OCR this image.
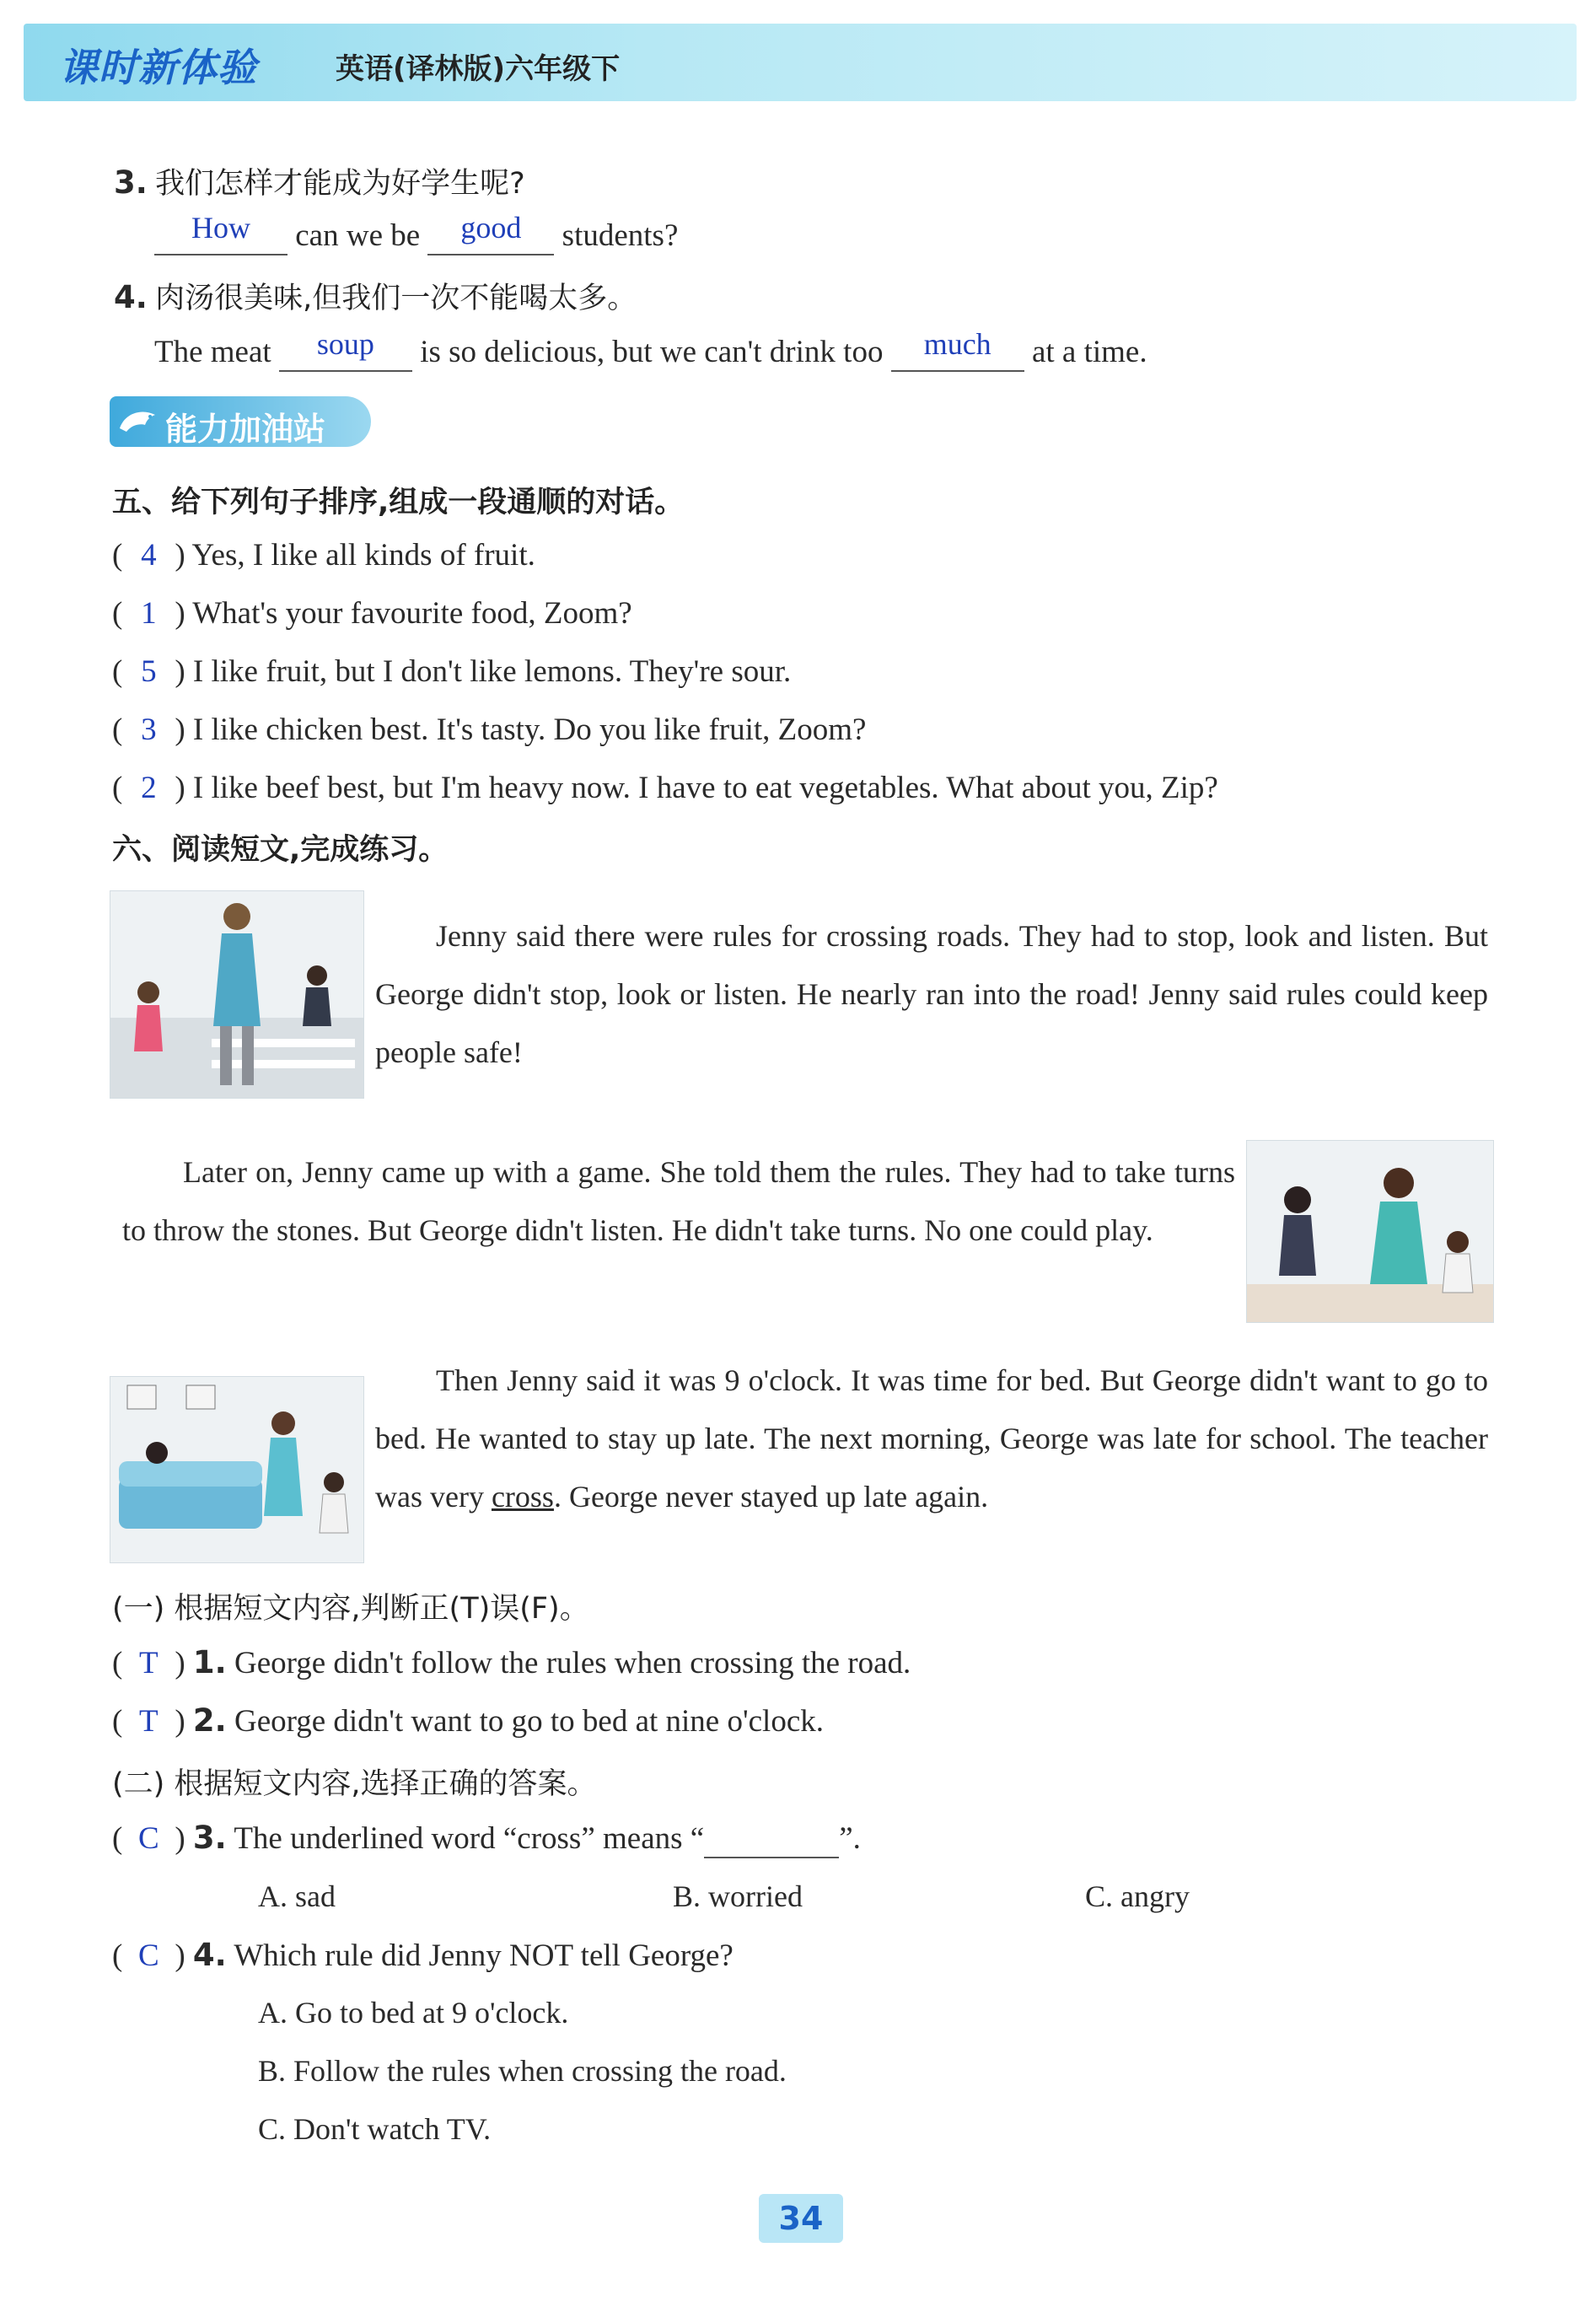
课时新体验	英语(译林版)六年级下
3. 我们怎样才能成为好学生呢?
How	can we be	good	students?
4. 肉汤很美味,但我们一次不能喝太多。
The meat	soup	is so delicious, but we can't drink too	much	at a time.
能力加油站
五、给下列句子排序,组成一段通顺的对话。
( 4 ) Yes, I like all kinds of fruit.
( 1 ) What's your favourite food, Zoom?
( 5 ) I like fruit, but I don't like lemons. They're sour.
( 3 ) I like chicken best. It's tasty. Do you like fruit, Zoom?
( 2 ) I like beef best, but I'm heavy now. I have to eat vegetables. What about you, Zip?
六、阅读短文,完成练习。

Jenny said there were rules for crossing roads. They had to stop, look and listen. But George didn't stop, look or listen. He nearly ran into the road! Jenny said rules could keep people safe!

Later on, Jenny came up with a game. She told them the rules. They had to take turns to throw the stones. But George didn't listen. He didn't take turns. No one could play.

Then Jenny said it was 9 o'clock. It was time for bed. But George didn't want to go to bed. He wanted to stay up late. The next morning, George was late for school. The teacher was very cross. George never stayed up late again.

(一) 根据短文内容,判断正(T)误(F)。
( T ) 1. George didn't follow the rules when crossing the road.
( T ) 2. George didn't want to go to bed at nine o'clock.
(二) 根据短文内容,选择正确的答案。
( C ) 3. The underlined word “cross” means “	”.
A. sad	B. worried	C. angry
( C ) 4. Which rule did Jenny NOT tell George?
A. Go to bed at 9 o'clock.
B. Follow the rules when crossing the road.
C. Don't watch TV.
34
